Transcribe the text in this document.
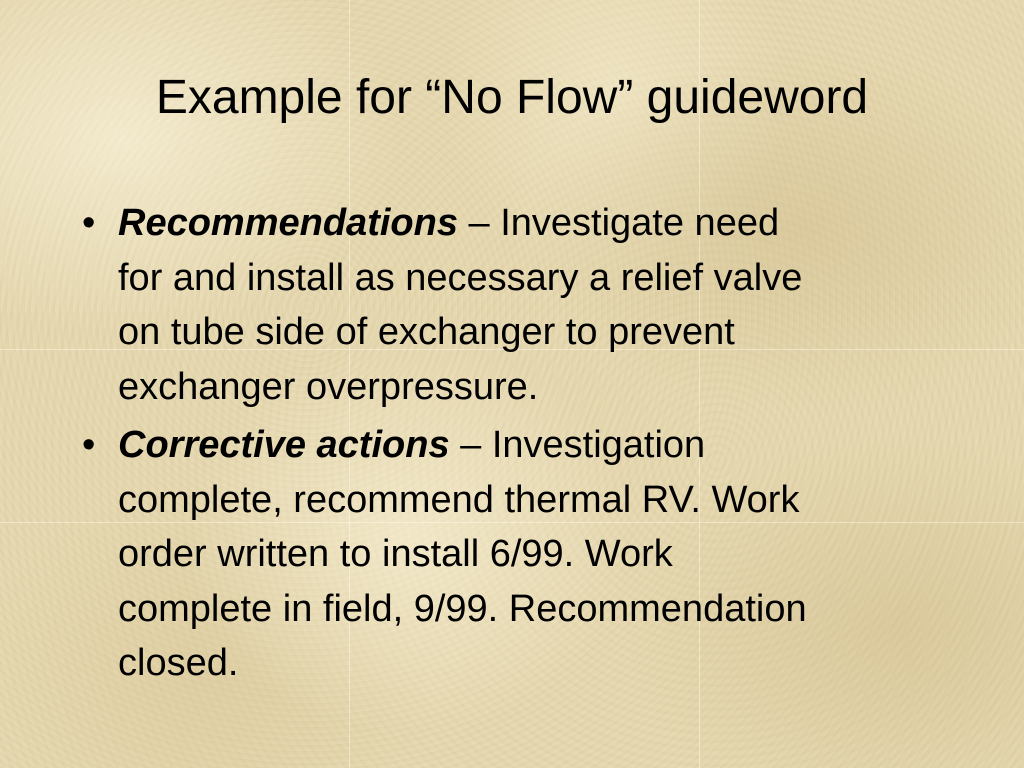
Example for “No Flow” guideword
• Recommendations – Investigate need
for and install as necessary a relief valve
on tube side of exchanger to prevent
exchanger overpressure.
• Corrective actions – Investigation
complete, recommend thermal RV. Work
order written to install 6/99. Work
complete in field, 9/99. Recommendation
closed.
